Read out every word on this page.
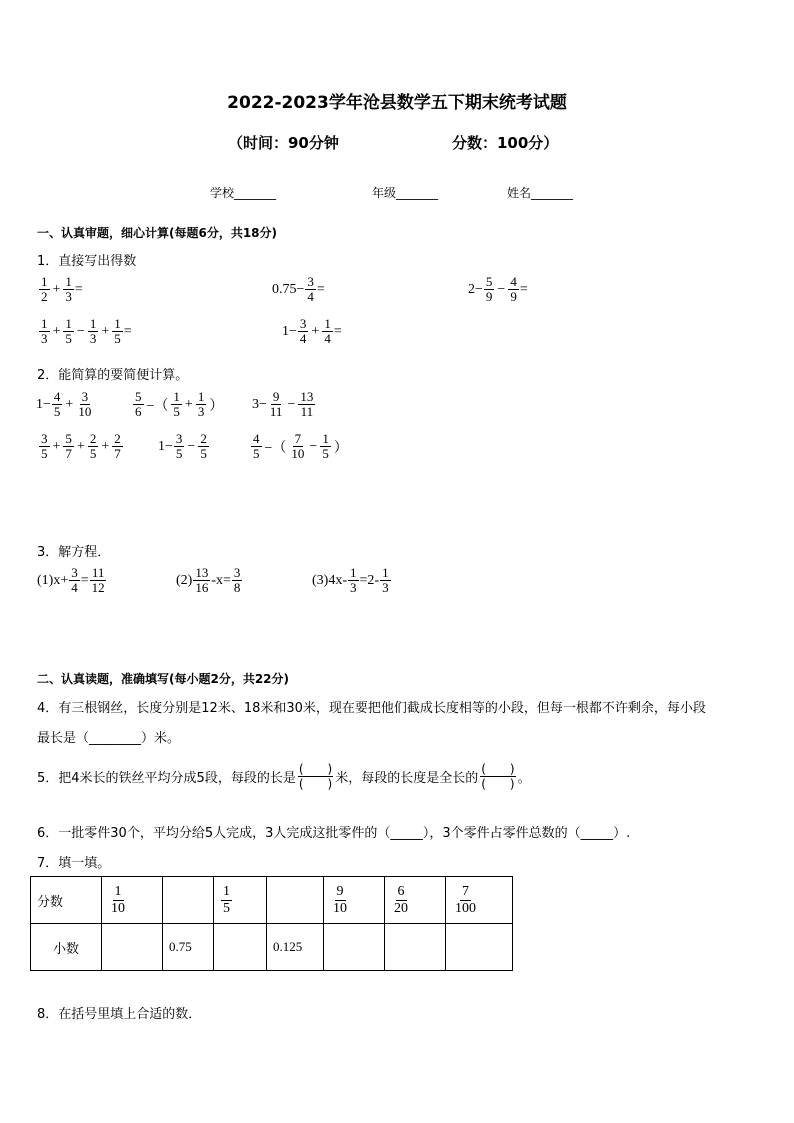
2022-2023学年沧县数学五下期末统考试题
（时间：90分钟	分数：100分）
学校_______	年级_______	姓名_______
一、认真审题，细心计算(每题6分，共18分)
1．直接写出得数
$\frac{1}{2} + \frac{1}{3}$ =	$0.75- \frac{3}{4}$ =	$2- \frac{5}{9} - \frac{4}{9}$ =
$\frac{1}{3} + \frac{1}{5} - \frac{1}{3} + \frac{1}{5}$ =	$1- \frac{3}{4} + \frac{1}{4}$ =
2．能简算的要简便计算。
$1- \frac{4}{5} + \frac{3}{10}$	$\frac{5}{6}$ −（ $\frac{1}{5} + \frac{1}{3}$ ） $3- \frac{9}{11} - \frac{13}{11}$
$\frac{3}{5} + \frac{5}{7} + \frac{2}{5} + \frac{2}{7}$	$1- \frac{3}{5} - \frac{2}{5}$	$\frac{4}{5}$ −（ $\frac{7}{10} - \frac{1}{5}$ ）
3．解方程．
$(1)x+ \frac{3}{4} = \frac{11}{12}$	$(2) \frac{13}{16} -x= \frac{3}{8}$	$(3)4x- \frac{1}{3} =2- \frac{1}{3}$
二、认真读题，准确填写(每小题2分，共22分)
4．有三根钢丝，长度分别是12米、18米和30米，现在要把他们截成长度相等的小段，但每一根都不许剩余，每小段
最长是（________）米。
5．把4米长的铁丝平均分成5段，每段的长是
(　　)
(　　) 米，每段的长度是全长的
(　　)
(　　) 。
6．一批零件30个，平均分给5人完成，3人完成这批零件的（_____），3个零件占零件总数的（_____）.
7．填一填。
分数	$\frac{1}{10}$		$\frac{1}{5}$		$\frac{9}{10}$	$\frac{6}{20}$	$\frac{7}{100}$

小数		0.75		0.125			
8．在括号里填上合适的数．
